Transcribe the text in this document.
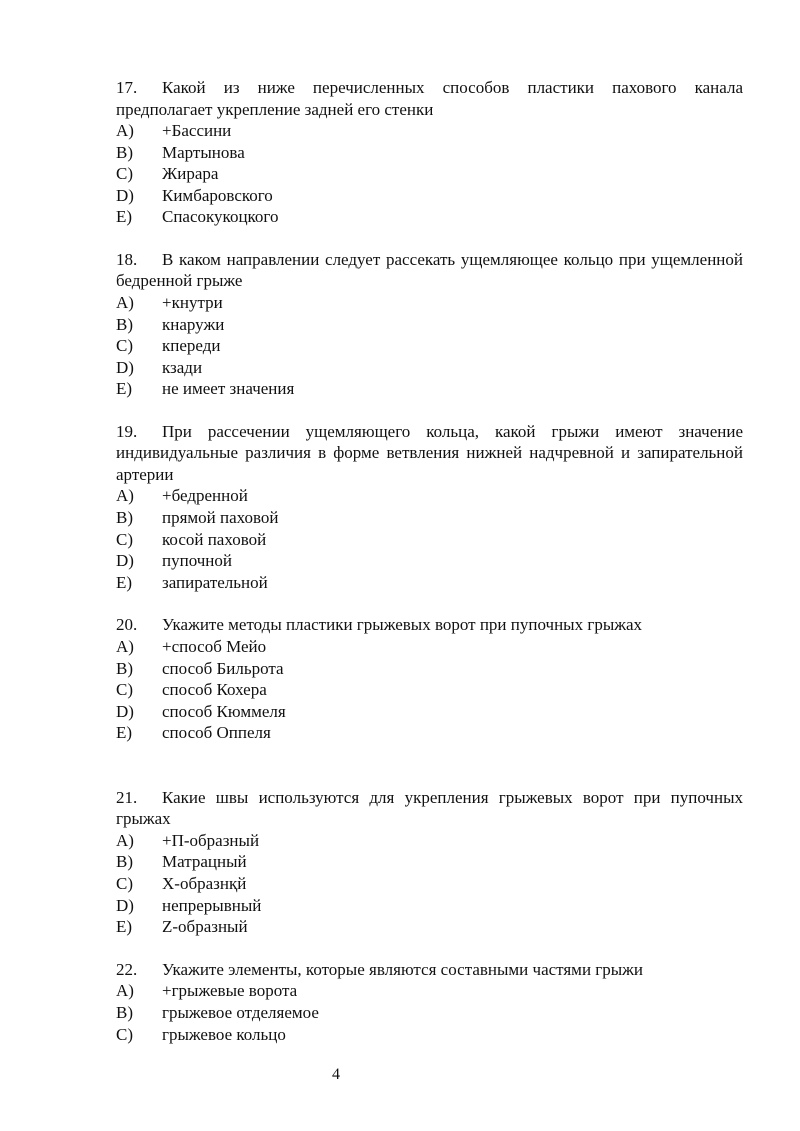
17. Какой из ниже перечисленных способов пластики пахового канала предполагает укрепление задней его стенки

A)	+Бассини
B)	Мартынова
C)	Жирара
D)	Кимбаровского
E)	Спасокукоцкого

18. В каком направлении следует рассекать ущемляющее кольцо при ущемленной бедренной грыже

A)	+кнутри
B)	кнаружи
C)	кпереди
D)	кзади
E)	не имеет значения

19. При рассечении ущемляющего кольца, какой грыжи имеют значение индивидуальные различия в форме ветвления нижней надчревной и запирательной артерии

A)	+бедренной
B)	прямой паховой
C)	косой паховой
D)	пупочной
E)	запирательной

20. Укажите методы пластики грыжевых ворот при пупочных грыжах

A)	+способ Мейо
B)	способ Бильрота
C)	способ Кохера
D)	способ Кюммеля
E)	способ Оппеля

21. Какие швы используются для укрепления грыжевых ворот при пупочных грыжах

A)	+П-образный
B)	Матрацный
C)	Х-образнқй
D)	непрерывный
E)	Z-образный

22. Укажите элементы, которые являются составными частями грыжи

A)	+грыжевые ворота
B)	грыжевое отделяемое
C)	грыжевое кольцо
4
